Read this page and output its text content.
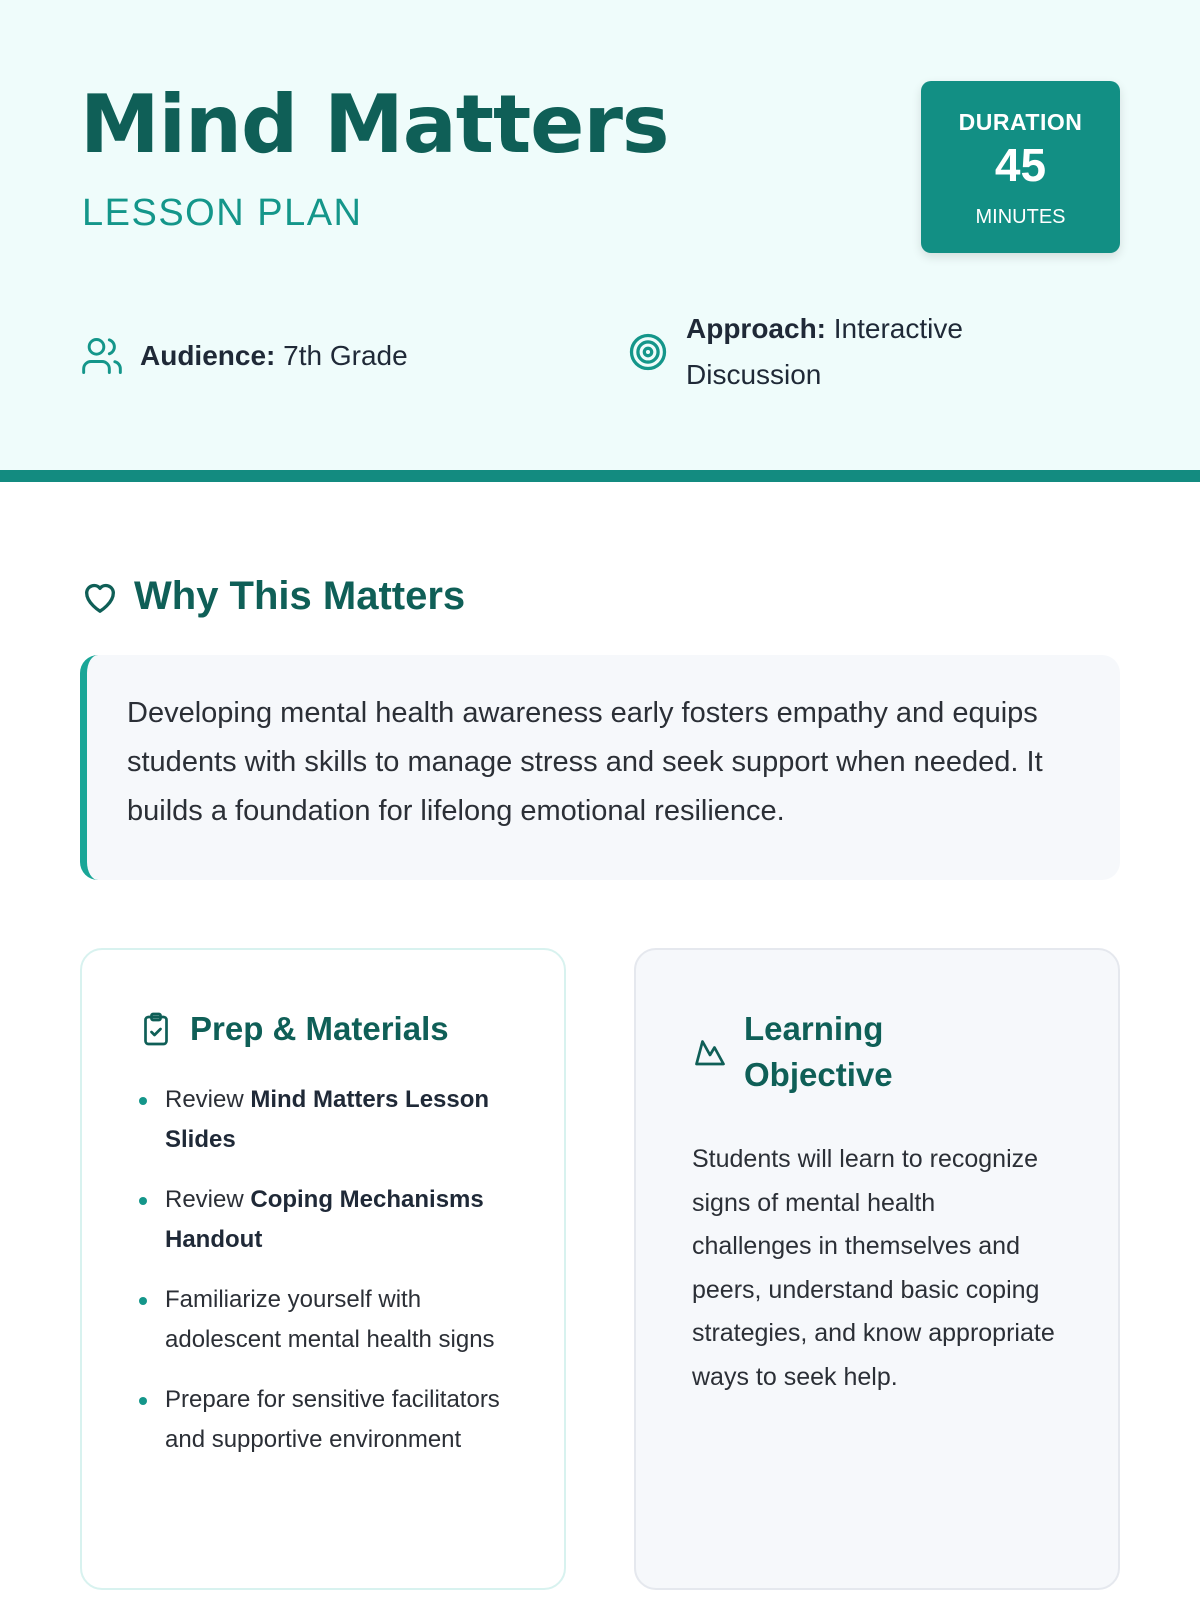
Mind Matters
LESSON PLAN
DURATION
45
MINUTES
Audience: 7th Grade
Approach: Interactive Discussion
Why This Matters
Developing mental health awareness early fosters empathy and equips students with skills to manage stress and seek support when needed. It builds a foundation for lifelong emotional resilience.
Prep & Materials
Review Mind Matters Lesson Slides
Review Coping Mechanisms Handout
Familiarize yourself with adolescent mental health signs
Prepare for sensitive facilitators and supportive environment
Learning Objective
Students will learn to recognize signs of mental health challenges in themselves and peers, understand basic coping strategies, and know appropriate ways to seek help.
